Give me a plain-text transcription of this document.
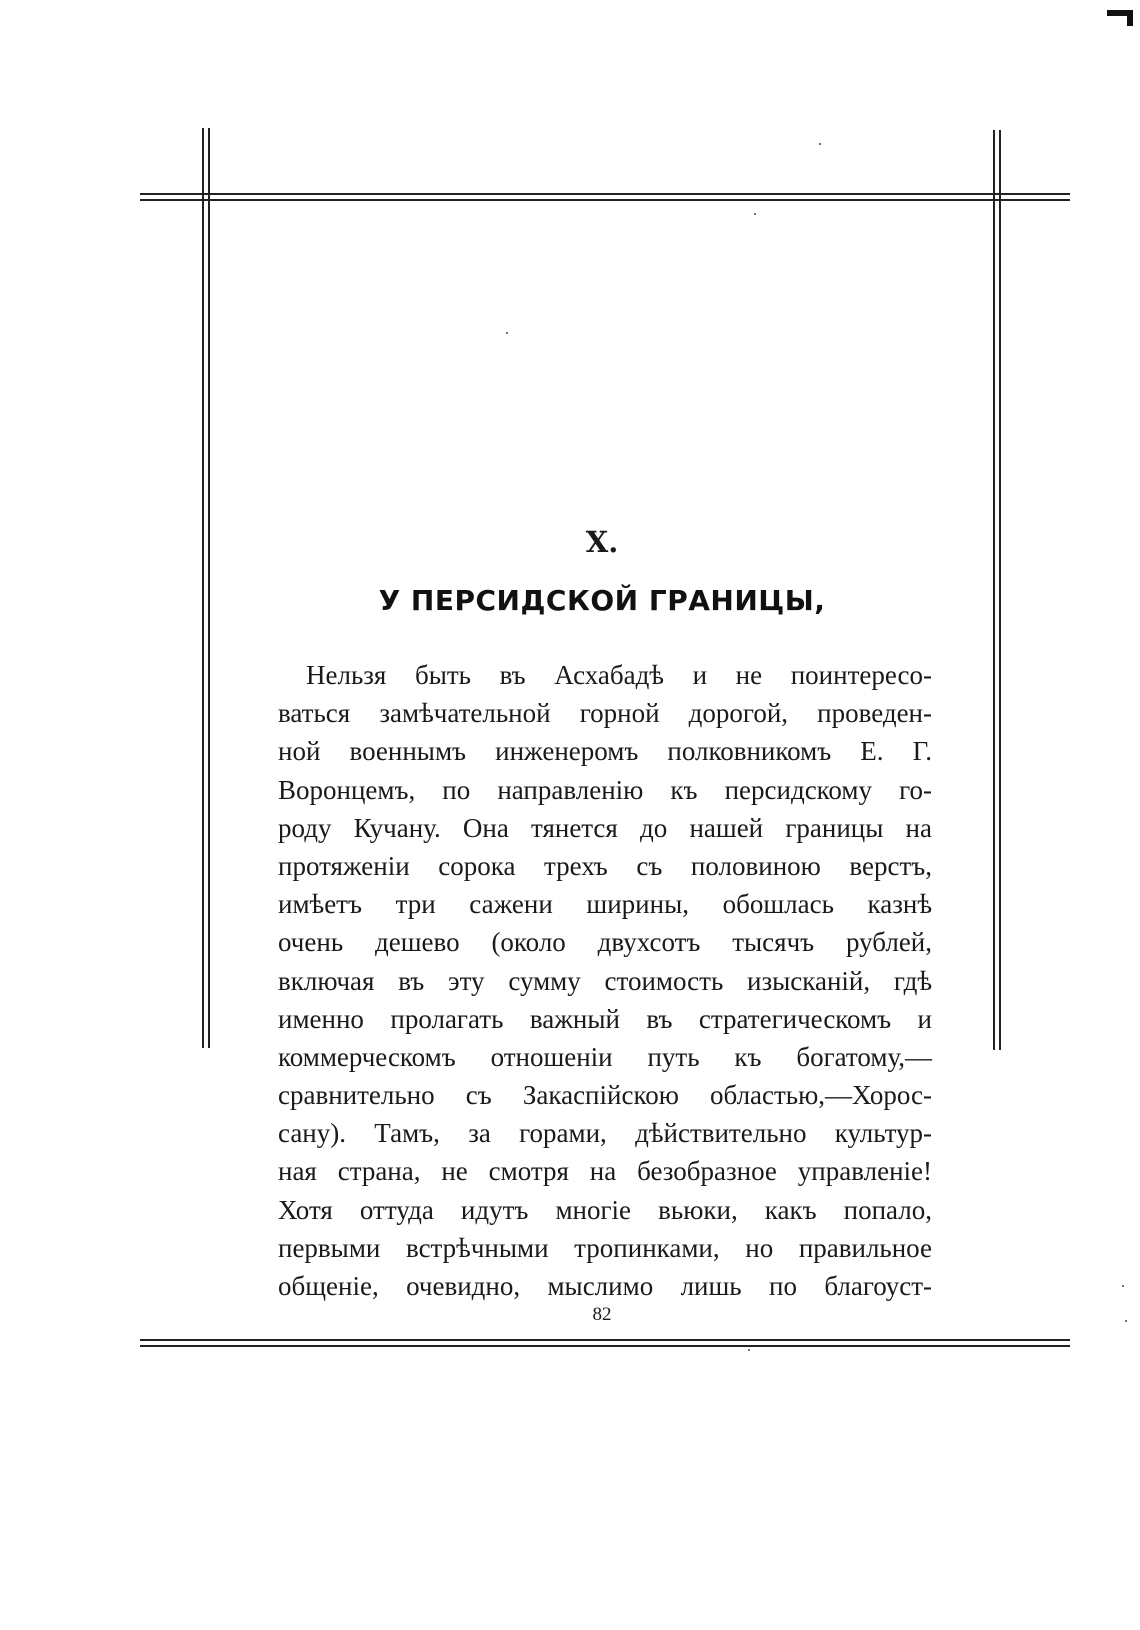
X.
У ПЕРСИДСКОЙ ГРАНИЦЫ,
Нельзя быть въ Асхабадѣ и не поинтересо-
ваться замѣчательной горной дорогой, проведен-
ной военнымъ инженеромъ полковникомъ Е. Г.
Воронцемъ, по направленію къ персидскому го-
роду Кучану. Она тянется до нашей границы на
протяженіи сорока трехъ съ половиною верстъ,
имѣетъ три сажени ширины, обошлась казнѣ
очень дешево (около двухсотъ тысячъ рублей,
включая въ эту сумму стоимость изысканій, гдѣ
именно пролагать важный въ стратегическомъ и
коммерческомъ отношеніи путь къ богатому,—
сравнительно съ Закаспійскою областью,—Хорос-
сану). Тамъ, за горами, дѣйствительно культур-
ная страна, не смотря на безобразное управленіе!
Хотя оттуда идутъ многіе вьюки, какъ попало,
первыми встрѣчными тропинками, но правильное
общеніе, очевидно, мыслимо лишь по благоуст-
82
